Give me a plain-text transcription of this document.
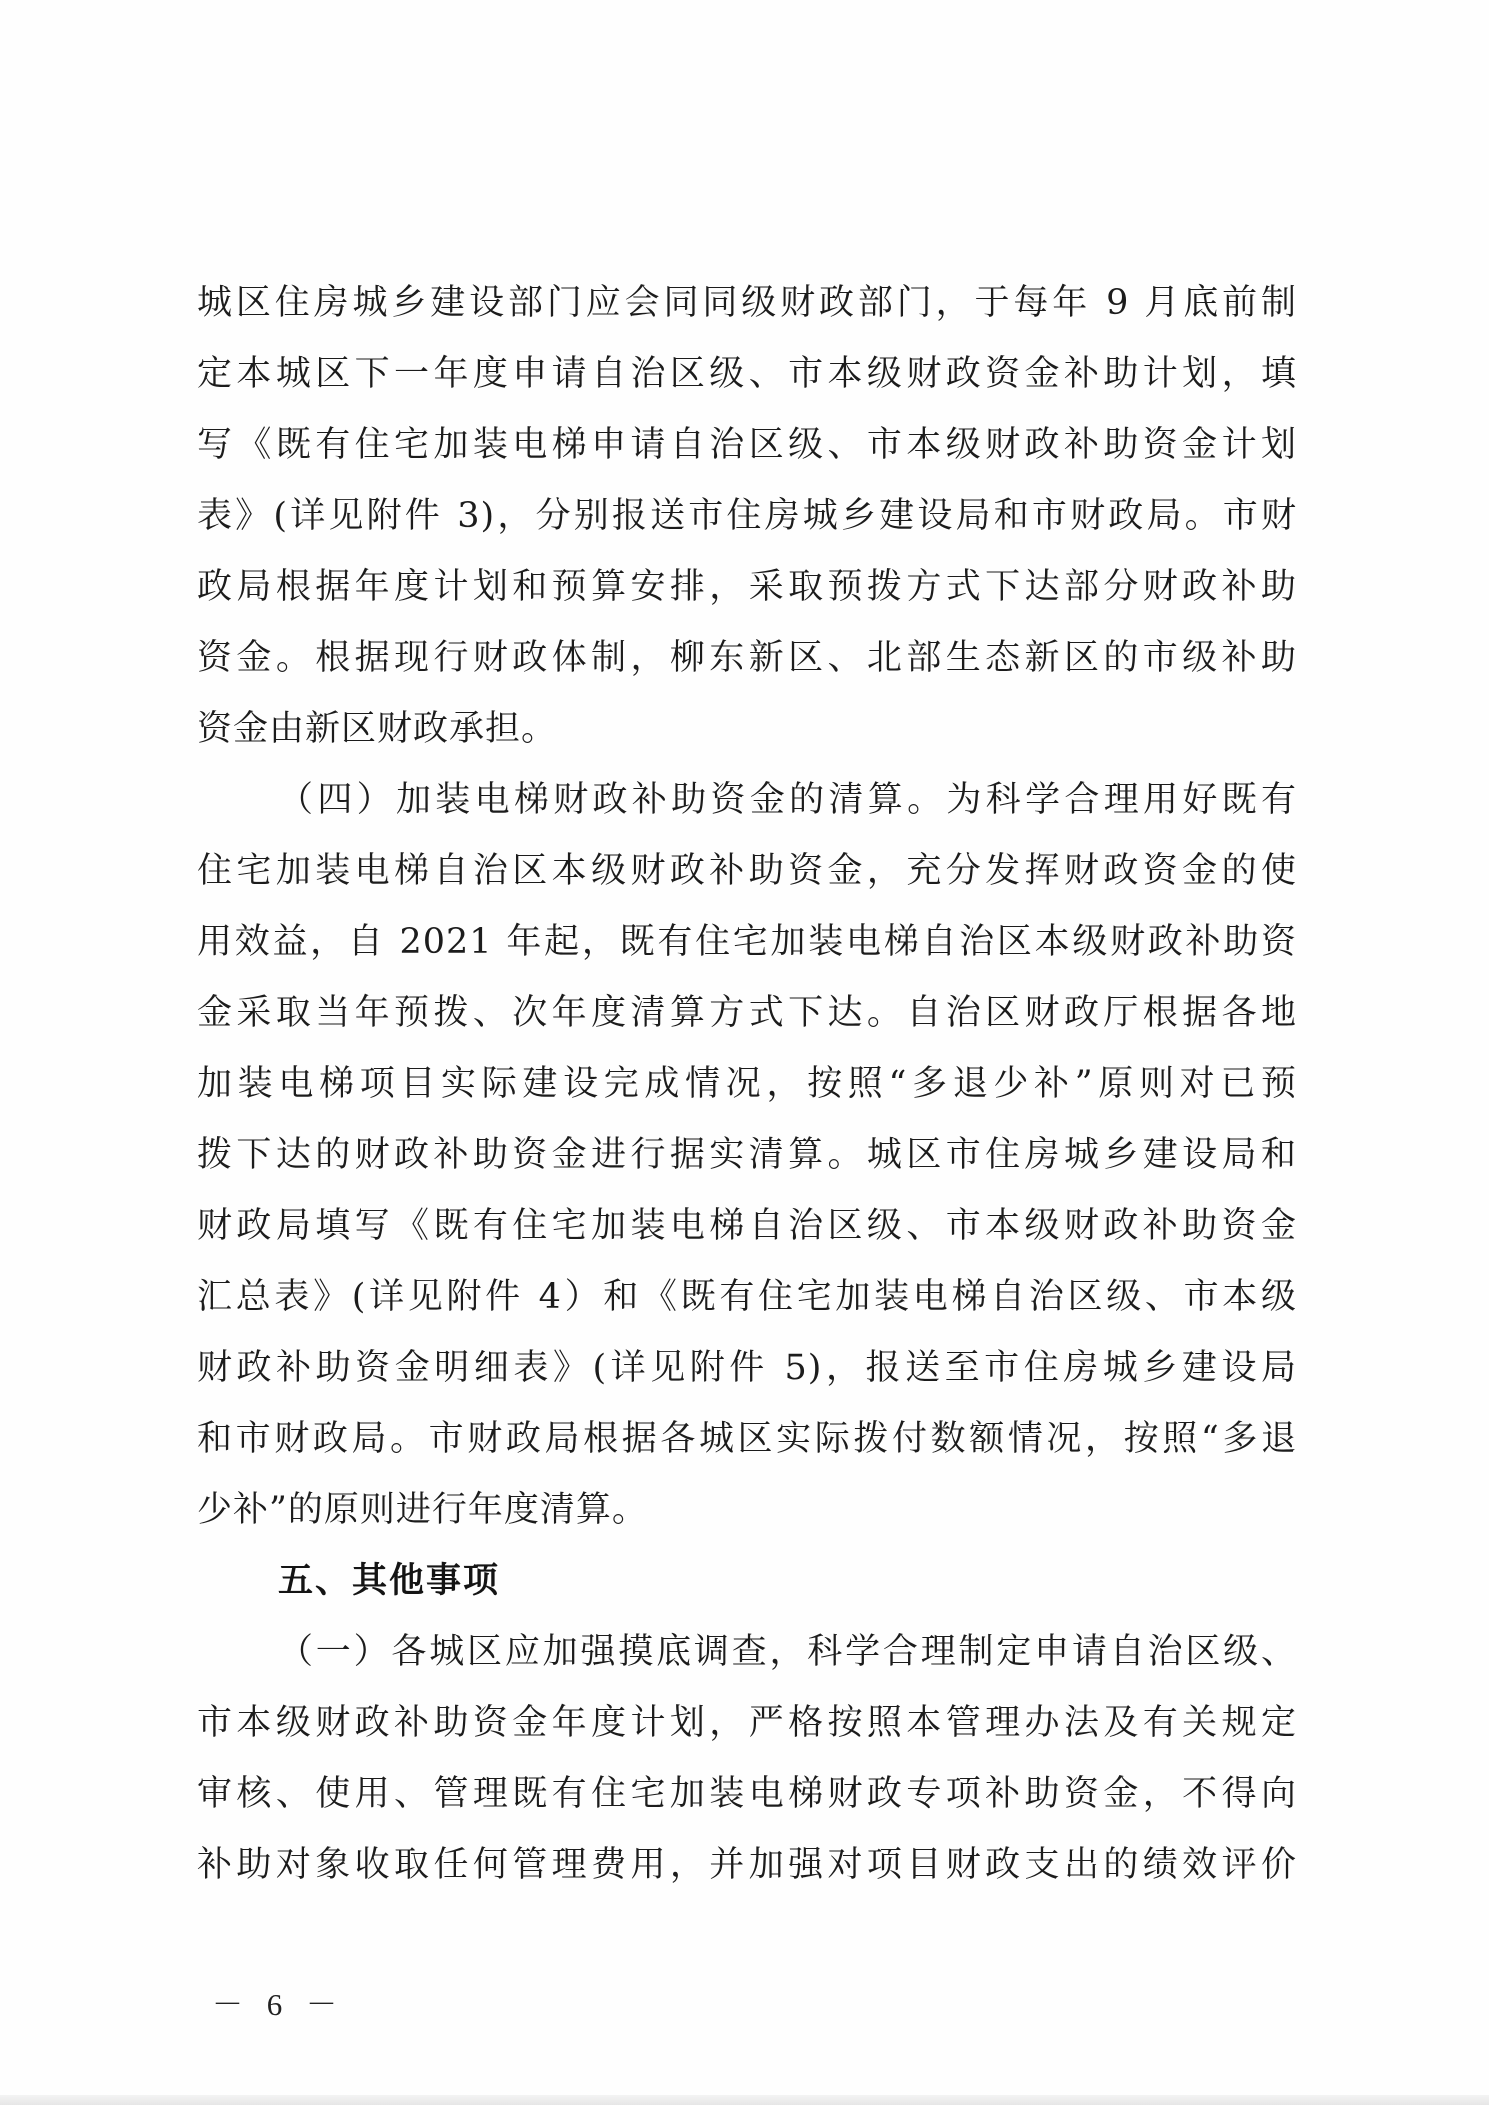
城区住房城乡建设部门应会同同级财政部门，于每年 9 月底前制

定本城区下一年度申请自治区级、市本级财政资金补助计划，填

写《既有住宅加装电梯申请自治区级、市本级财政补助资金计划

表》(详见附件 3)，分别报送市住房城乡建设局和市财政局。市财

政局根据年度计划和预算安排，采取预拨方式下达部分财政补助

资金。根据现行财政体制，柳东新区、北部生态新区的市级补助

资金由新区财政承担。

（四）加装电梯财政补助资金的清算。为科学合理用好既有

住宅加装电梯自治区本级财政补助资金，充分发挥财政资金的使

用效益，自 2021 年起，既有住宅加装电梯自治区本级财政补助资

金采取当年预拨、次年度清算方式下达。自治区财政厅根据各地

加装电梯项目实际建设完成情况，按照“多退少补”原则对已预

拨下达的财政补助资金进行据实清算。城区市住房城乡建设局和

财政局填写《既有住宅加装电梯自治区级、市本级财政补助资金

汇总表》(详见附件 4）和《既有住宅加装电梯自治区级、市本级

财政补助资金明细表》(详见附件 5)，报送至市住房城乡建设局

和市财政局。市财政局根据各城区实际拨付数额情况，按照“多退

少补”的原则进行年度清算。

五、其他事项

（一）各城区应加强摸底调查，科学合理制定申请自治区级、

市本级财政补助资金年度计划，严格按照本管理办法及有关规定

审核、使用、管理既有住宅加装电梯财政专项补助资金，不得向

补助对象收取任何管理费用，并加强对项目财政支出的绩效评价

－ 6 －
